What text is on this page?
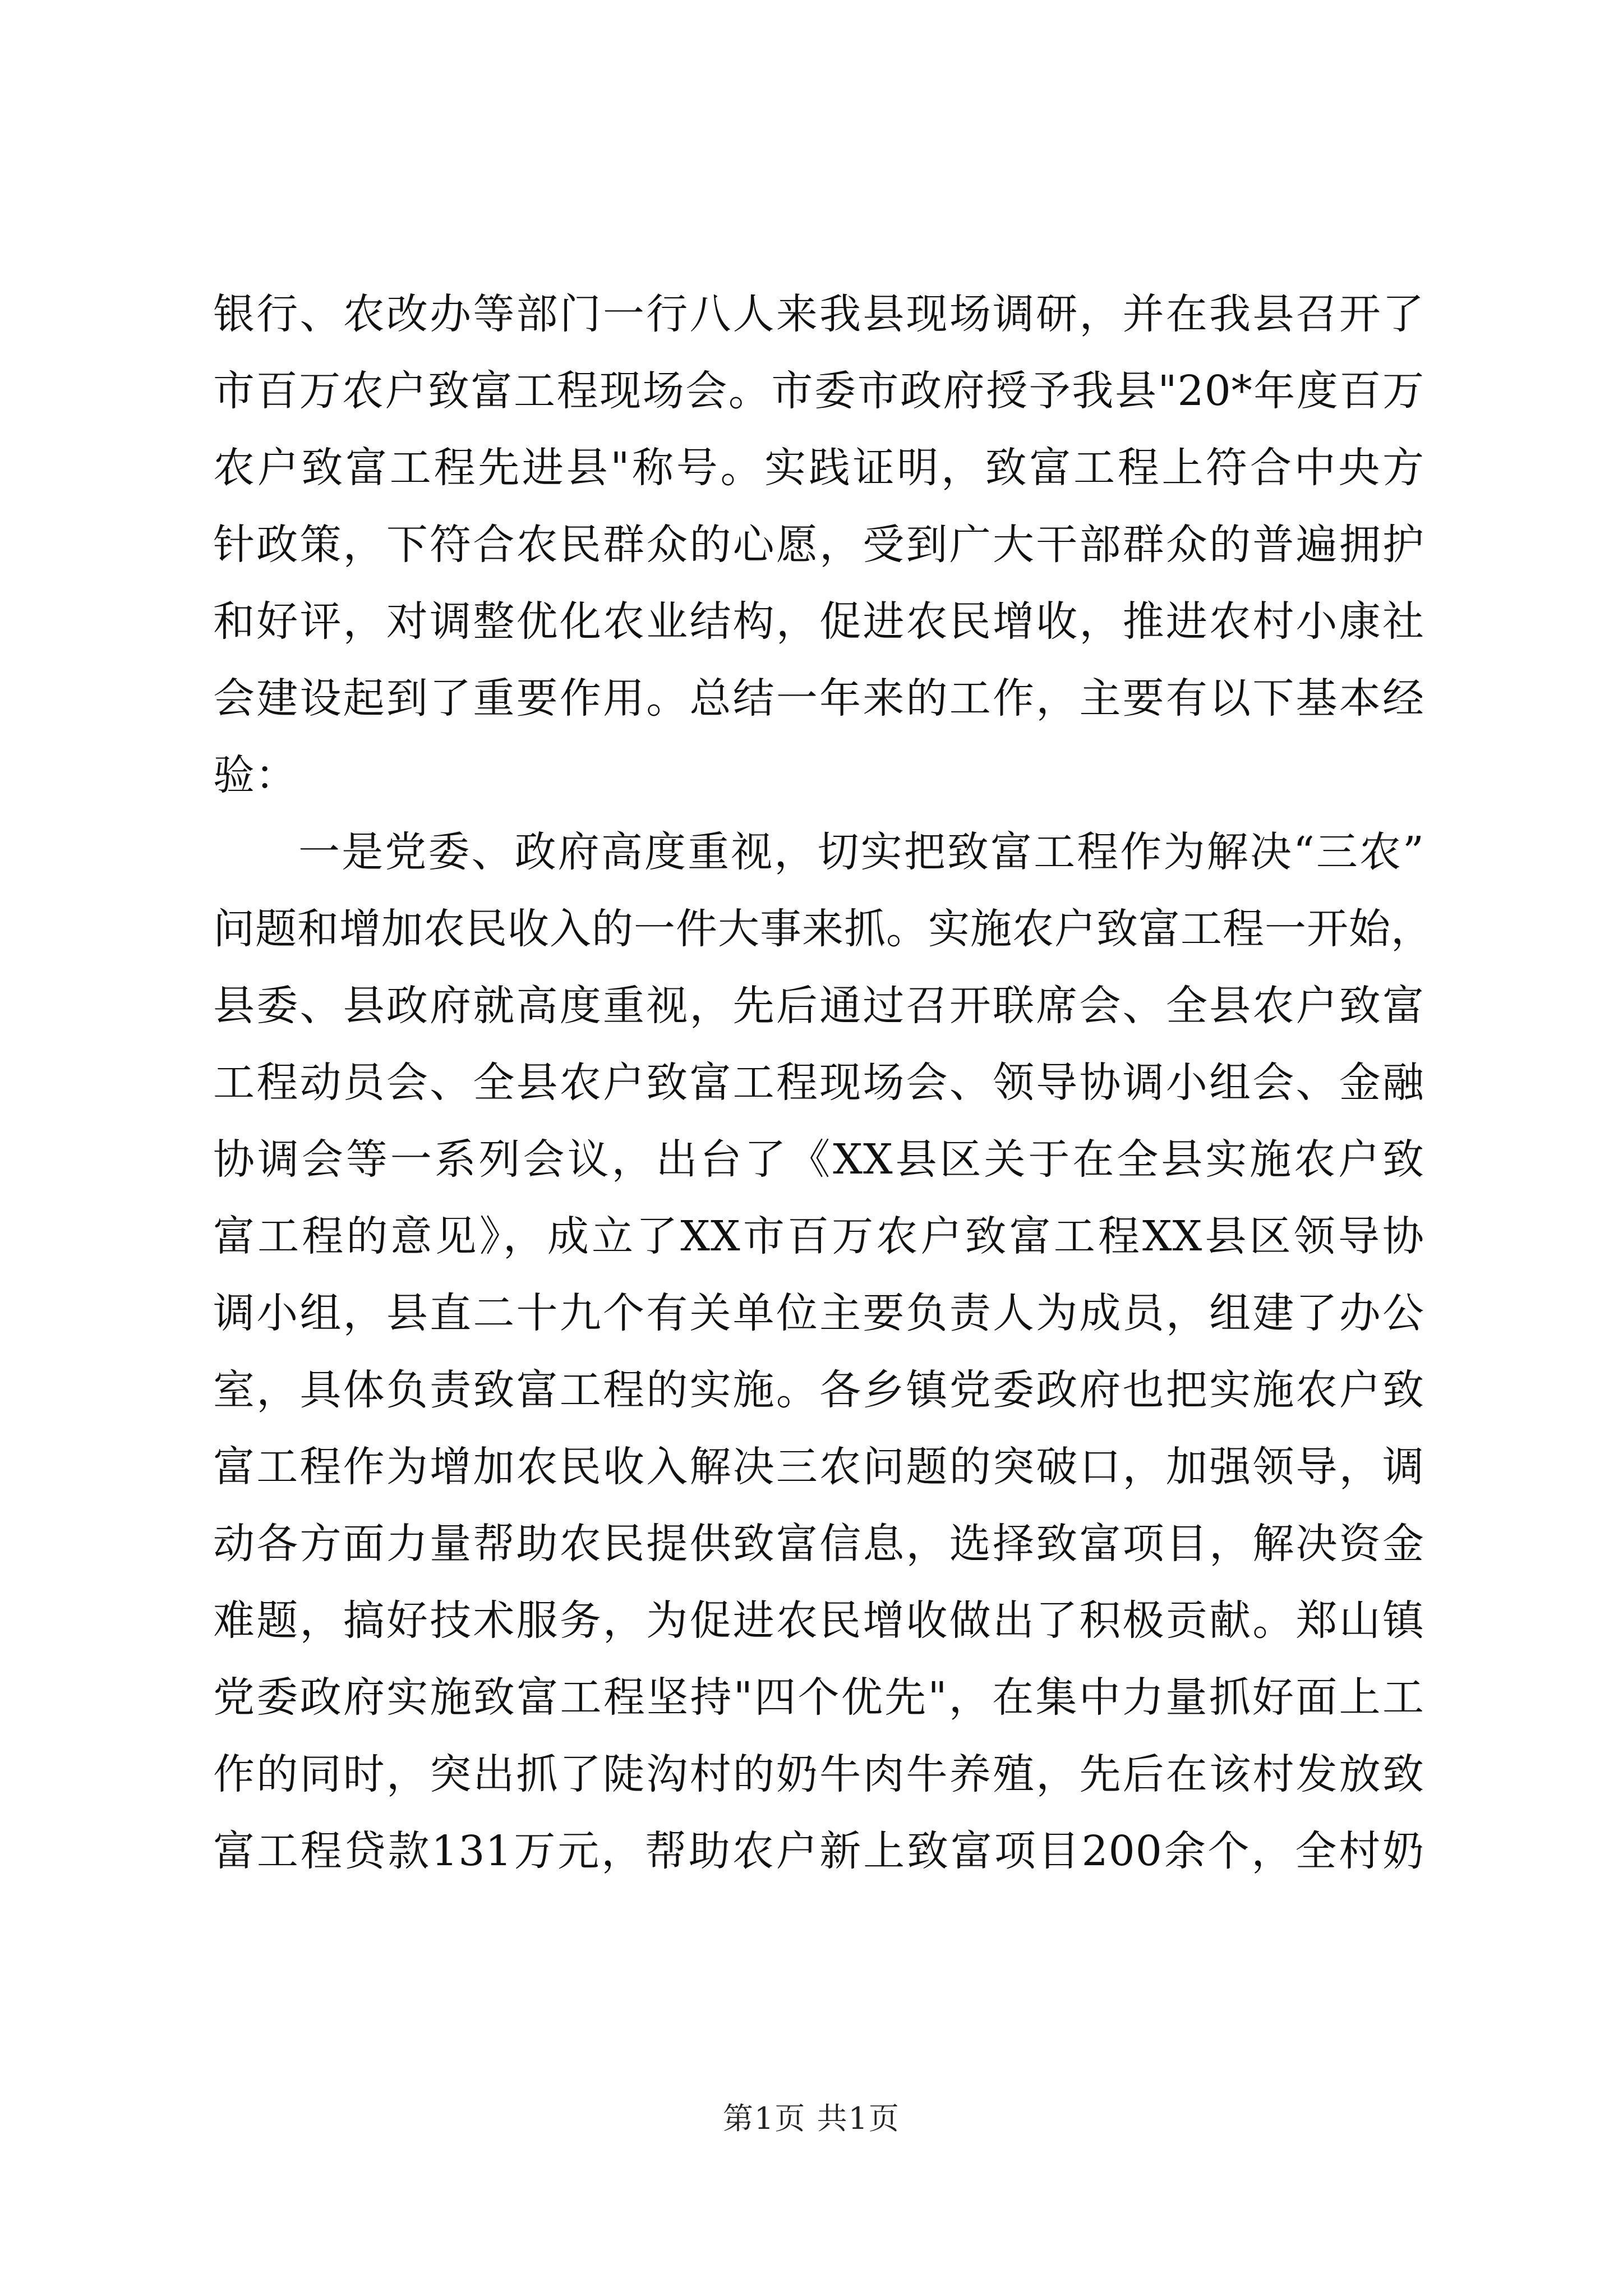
银行、农改办等部门一行八人来我县现场调研，并在我县召开了
市百万农户致富工程现场会。市委市政府授予我县"20*年度百万
农户致富工程先进县"称号。实践证明，致富工程上符合中央方
针政策，下符合农民群众的心愿，受到广大干部群众的普遍拥护
和好评，对调整优化农业结构，促进农民增收，推进农村小康社
会建设起到了重要作用。总结一年来的工作，主要有以下基本经
验：
一是党委、政府高度重视，切实把致富工程作为解决“三农”
问题和增加农民收入的一件大事来抓。实施农户致富工程一开始，
县委、县政府就高度重视，先后通过召开联席会、全县农户致富
工程动员会、全县农户致富工程现场会、领导协调小组会、金融
协调会等一系列会议，出台了《XX县区关于在全县实施农户致
富工程的意见》，成立了XX市百万农户致富工程XX县区领导协
调小组，县直二十九个有关单位主要负责人为成员，组建了办公
室，具体负责致富工程的实施。各乡镇党委政府也把实施农户致
富工程作为增加农民收入解决三农问题的突破口，加强领导，调
动各方面力量帮助农民提供致富信息，选择致富项目，解决资金
难题，搞好技术服务，为促进农民增收做出了积极贡献。郑山镇
党委政府实施致富工程坚持"四个优先"，在集中力量抓好面上工
作的同时，突出抓了陡沟村的奶牛肉牛养殖，先后在该村发放致
富工程贷款131万元，帮助农户新上致富项目200余个，全村奶
第1页 共1页
